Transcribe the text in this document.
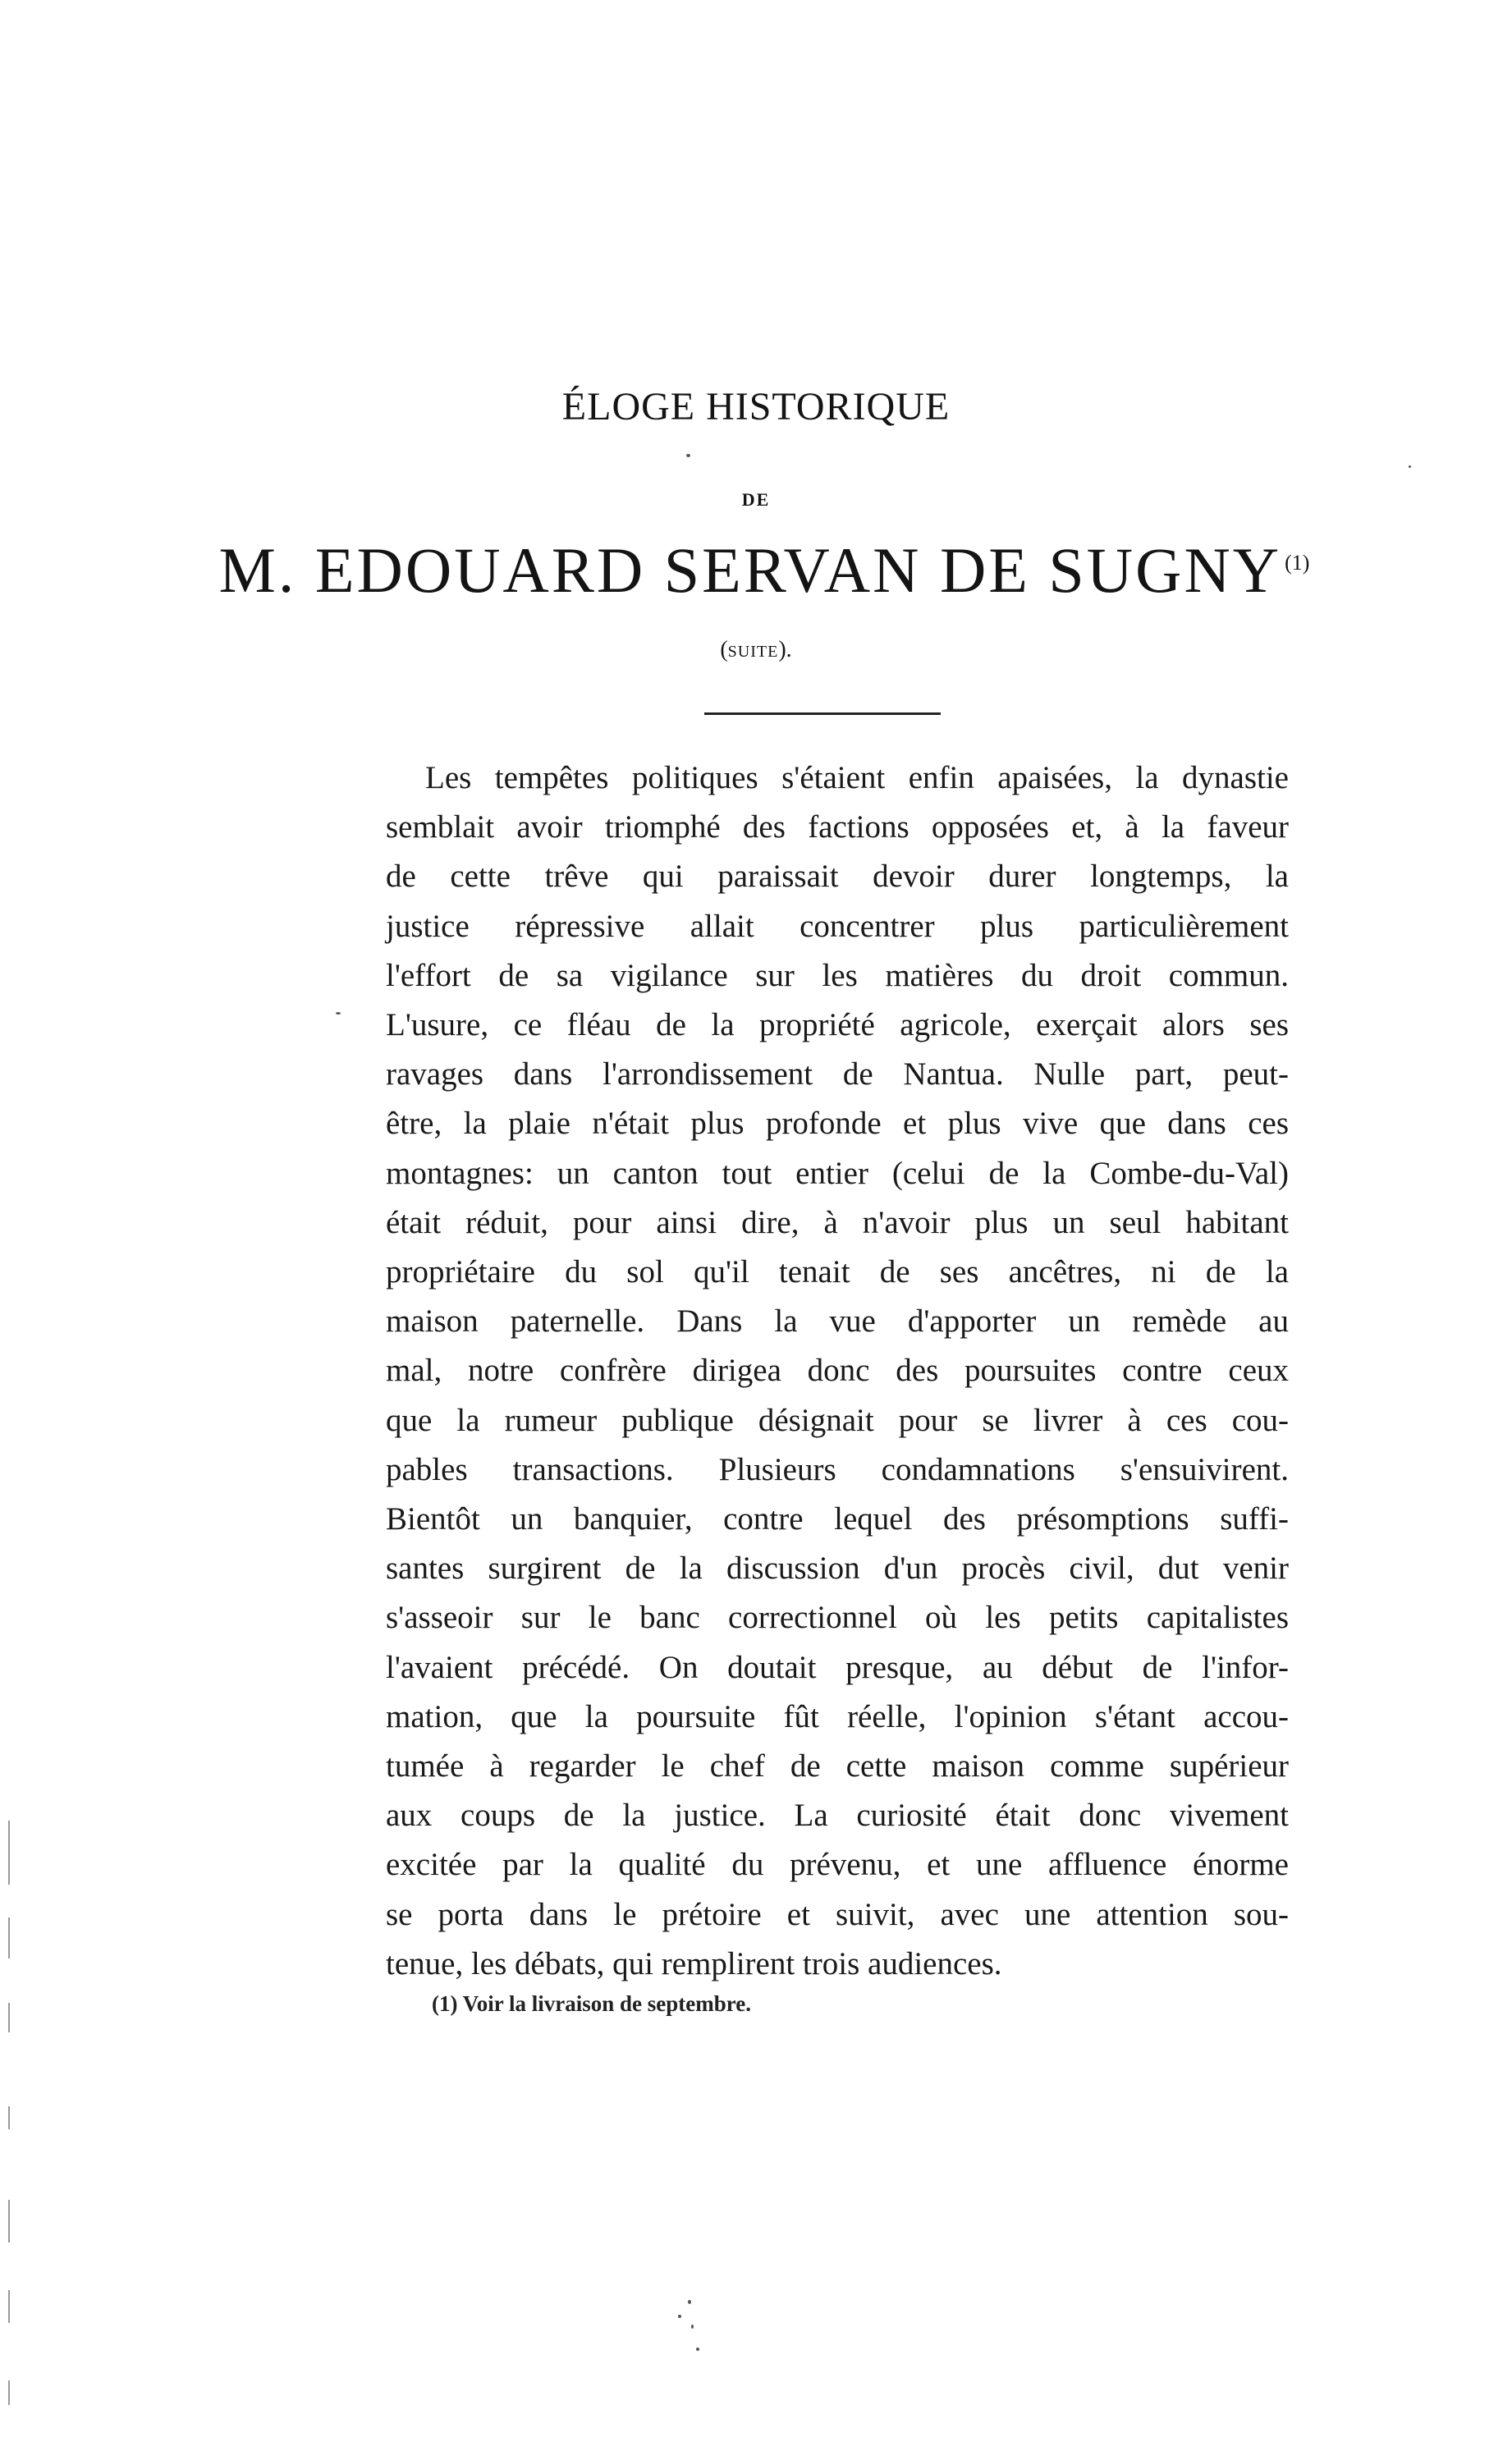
ÉLOGE HISTORIQUE
DE
M. EDOUARD SERVAN DE SUGNY $^{(1)}$
(SUITE).

Les tempêtes politiques s'étaient enfin apaisées, la dynastie
semblait avoir triomphé des factions opposées et, à la faveur
de cette trêve qui paraissait devoir durer longtemps, la
justice répressive allait concentrer plus particulièrement
l'effort de sa vigilance sur les matières du droit commun.
L'usure, ce fléau de la propriété agricole, exerçait alors ses
ravages dans l'arrondissement de Nantua. Nulle part, peut-
être, la plaie n'était plus profonde et plus vive que dans ces
montagnes: un canton tout entier (celui de la Combe-du-Val)
était réduit, pour ainsi dire, à n'avoir plus un seul habitant
propriétaire du sol qu'il tenait de ses ancêtres, ni de la
maison paternelle. Dans la vue d'apporter un remède au
mal, notre confrère dirigea donc des poursuites contre ceux
que la rumeur publique désignait pour se livrer à ces cou-
pables transactions. Plusieurs condamnations s'ensuivirent.
Bientôt un banquier, contre lequel des présomptions suffi-
santes surgirent de la discussion d'un procès civil, dut venir
s'asseoir sur le banc correctionnel où les petits capitalistes
l'avaient précédé. On doutait presque, au début de l'infor-
mation, que la poursuite fût réelle, l'opinion s'étant accou-
tumée à regarder le chef de cette maison comme supérieur
aux coups de la justice. La curiosité était donc vivement
excitée par la qualité du prévenu, et une affluence énorme
se porta dans le prétoire et suivit, avec une attention sou-
tenue, les débats, qui remplirent trois audiences.

(1) Voir la livraison de septembre.
